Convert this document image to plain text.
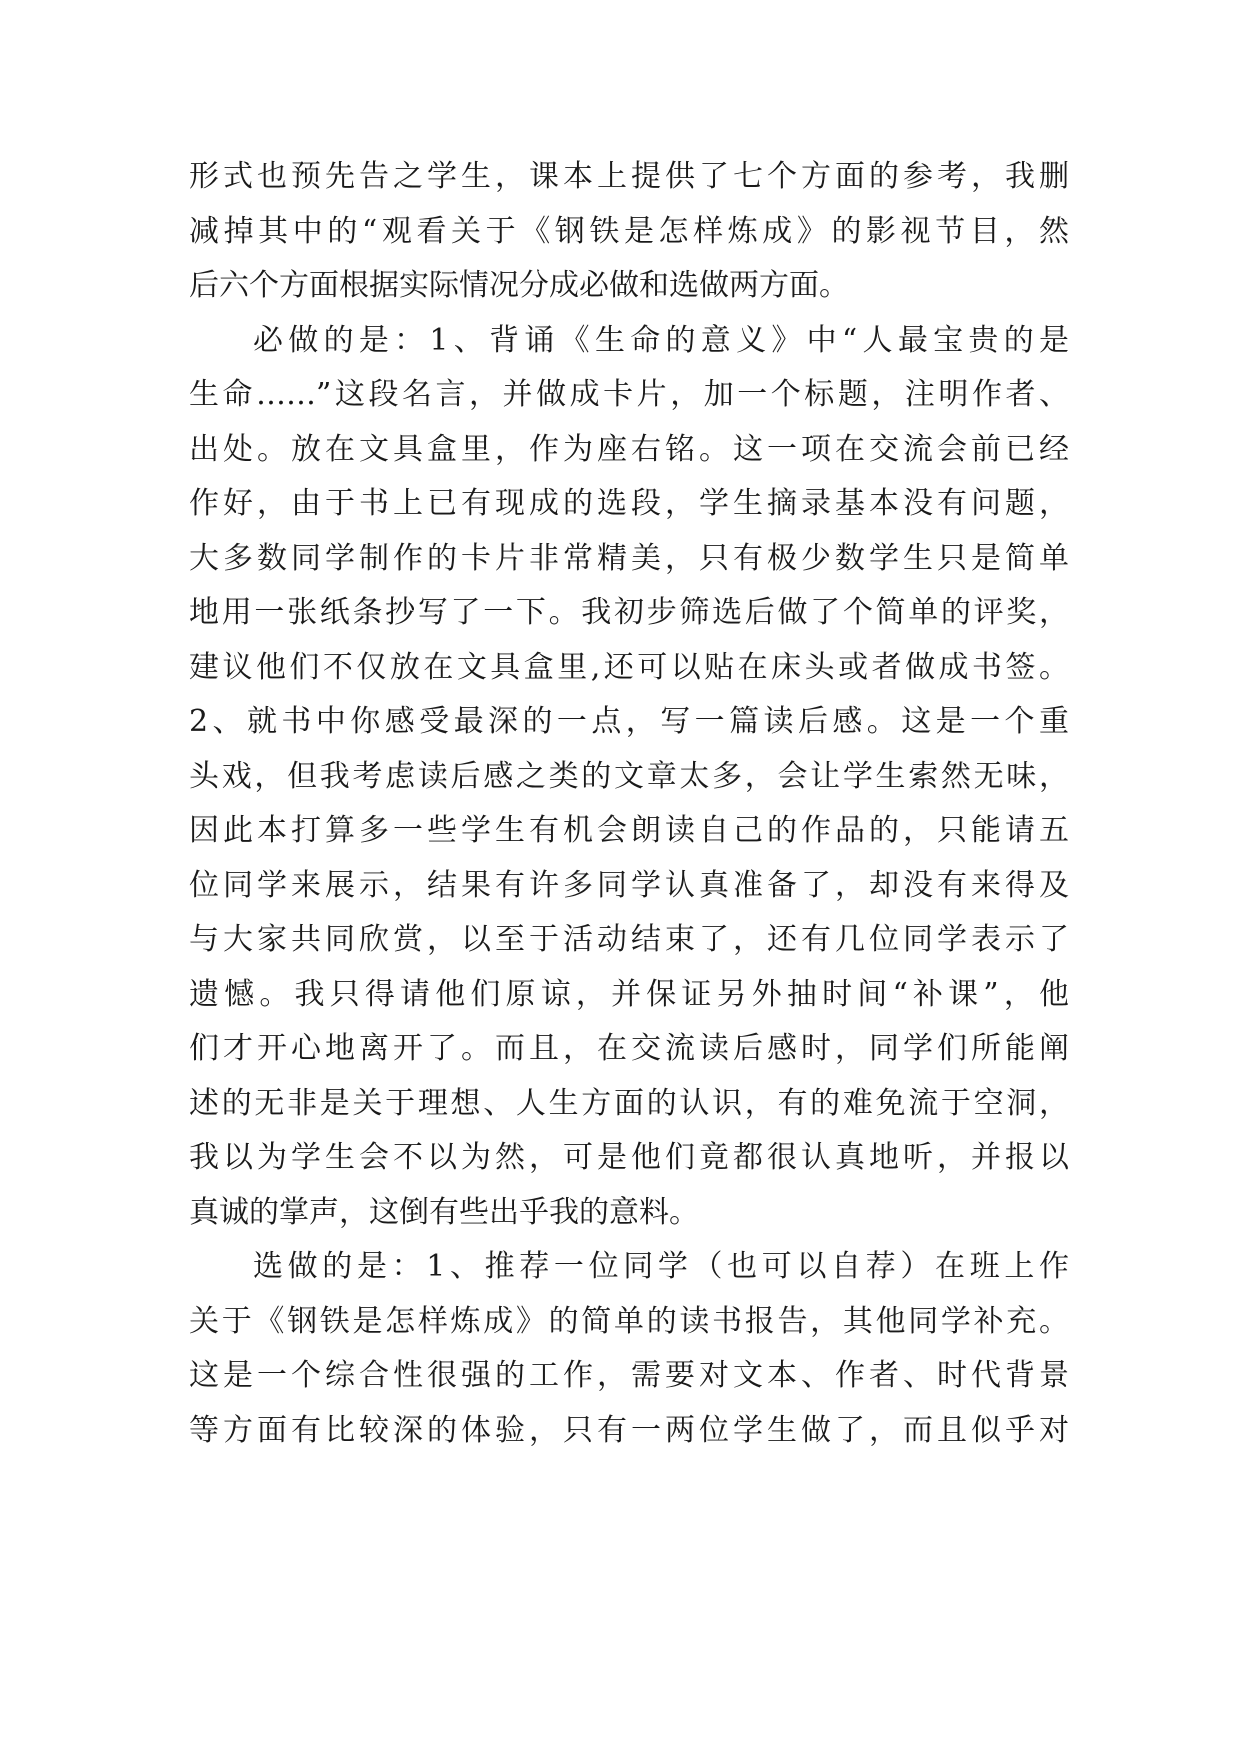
形式也预先告之学生，课本上提供了七个方面的参考，我删
减掉其中的“观看关于《钢铁是怎样炼成》的影视节目，然
后六个方面根据实际情况分成必做和选做两方面。
必做的是：1、背诵《生命的意义》中“人最宝贵的是
生命……”这段名言，并做成卡片，加一个标题，注明作者、
出处。放在文具盒里，作为座右铭。这一项在交流会前已经
作好，由于书上已有现成的选段，学生摘录基本没有问题，
大多数同学制作的卡片非常精美，只有极少数学生只是简单
地用一张纸条抄写了一下。我初步筛选后做了个简单的评奖，
建议他们不仅放在文具盒里,还可以贴在床头或者做成书签。
2、就书中你感受最深的一点，写一篇读后感。这是一个重
头戏，但我考虑读后感之类的文章太多，会让学生索然无味，
因此本打算多一些学生有机会朗读自己的作品的，只能请五
位同学来展示，结果有许多同学认真准备了，却没有来得及
与大家共同欣赏，以至于活动结束了，还有几位同学表示了
遗憾。我只得请他们原谅，并保证另外抽时间“补课”，他
们才开心地离开了。而且，在交流读后感时，同学们所能阐
述的无非是关于理想、人生方面的认识，有的难免流于空洞，
我以为学生会不以为然，可是他们竟都很认真地听，并报以
真诚的掌声，这倒有些出乎我的意料。
选做的是：1、推荐一位同学（也可以自荐）在班上作
关于《钢铁是怎样炼成》的简单的读书报告，其他同学补充。
这是一个综合性很强的工作，需要对文本、作者、时代背景
等方面有比较深的体验，只有一两位学生做了，而且似乎对
